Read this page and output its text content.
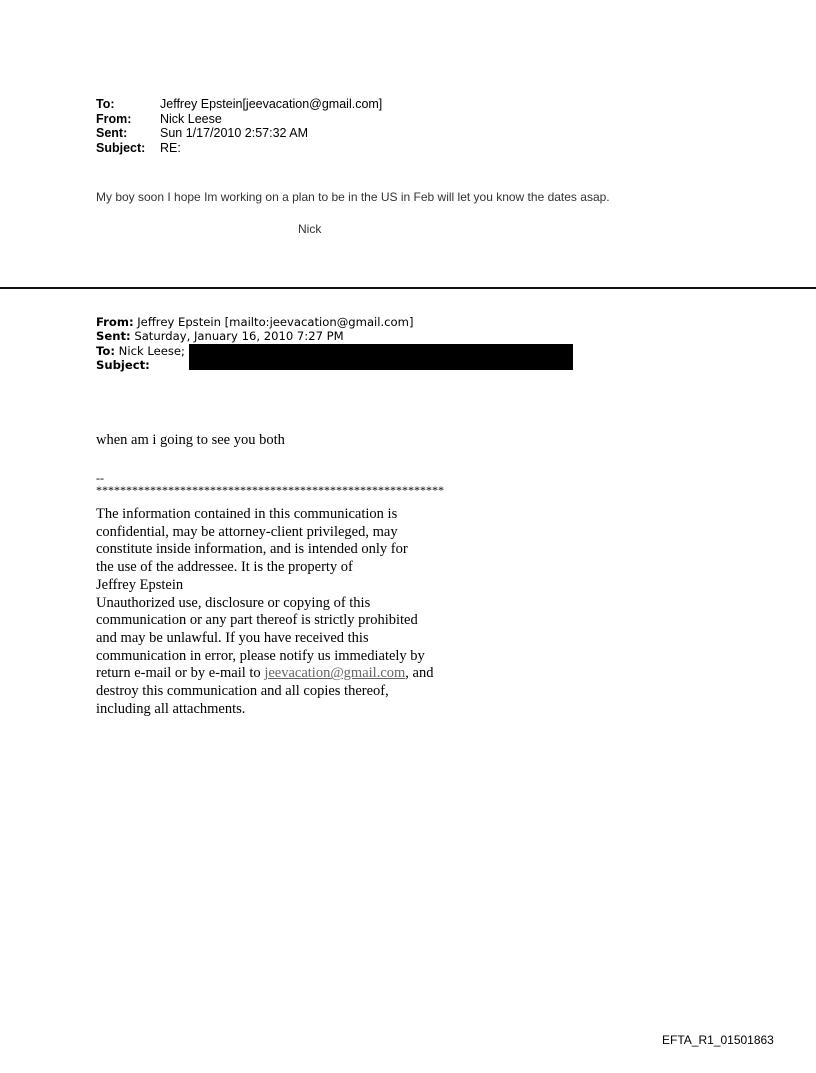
To:	Jeffrey Epstein[jeevacation@gmail.com]
From:	Nick Leese
Sent:	Sun 1/17/2010 2:57:32 AM
Subject:	RE:
My boy soon I hope Im working on a plan to be in the US in Feb will let you know the dates asap.
Nick
From: Jeffrey Epstein [mailto:jeevacation@gmail.com]
Sent: Saturday, January 16, 2010 7:27 PM
To: Nick Leese;
Subject:
when am i going to see you both
--
**********************************************************
The information contained in this communication is
confidential, may be attorney-client privileged, may
constitute inside information, and is intended only for
the use of the addressee. It is the property of
Jeffrey Epstein
Unauthorized use, disclosure or copying of this
communication or any part thereof is strictly prohibited
and may be unlawful. If you have received this
communication in error, please notify us immediately by
return e-mail or by e-mail to jeevacation@gmail.com, and
destroy this communication and all copies thereof,
including all attachments.
EFTA_R1_01501863
